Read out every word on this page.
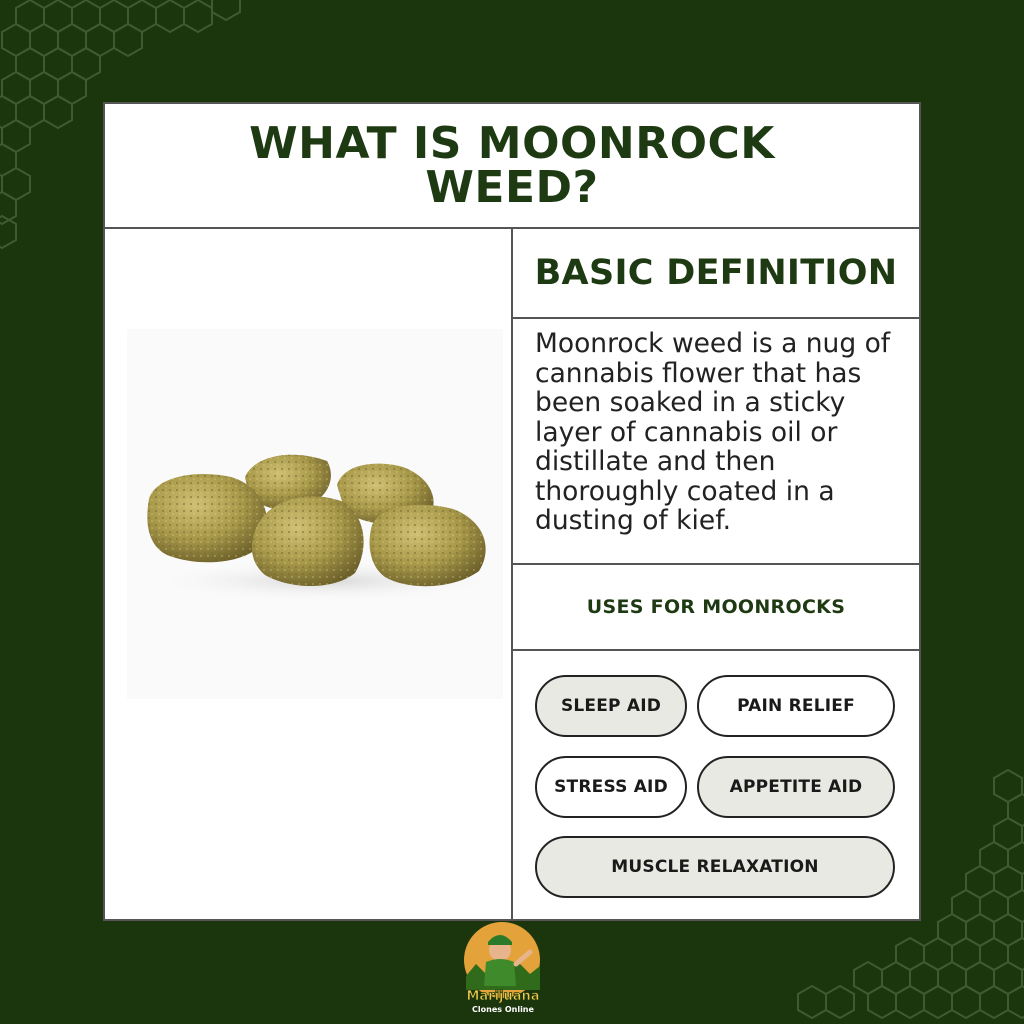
WHAT IS MOONROCK WEED?
BASIC DEFINITION

Moonrock weed is a nug of cannabis flower that has been soaked in a sticky layer of cannabis oil or distillate and then thoroughly coated in a dusting of kief.

USES FOR MOONROCKS
SLEEP AID	PAIN RELIEF
STRESS AID	APPETITE AID
MUSCLE RELAXATION
Marijuana
Clones Online
